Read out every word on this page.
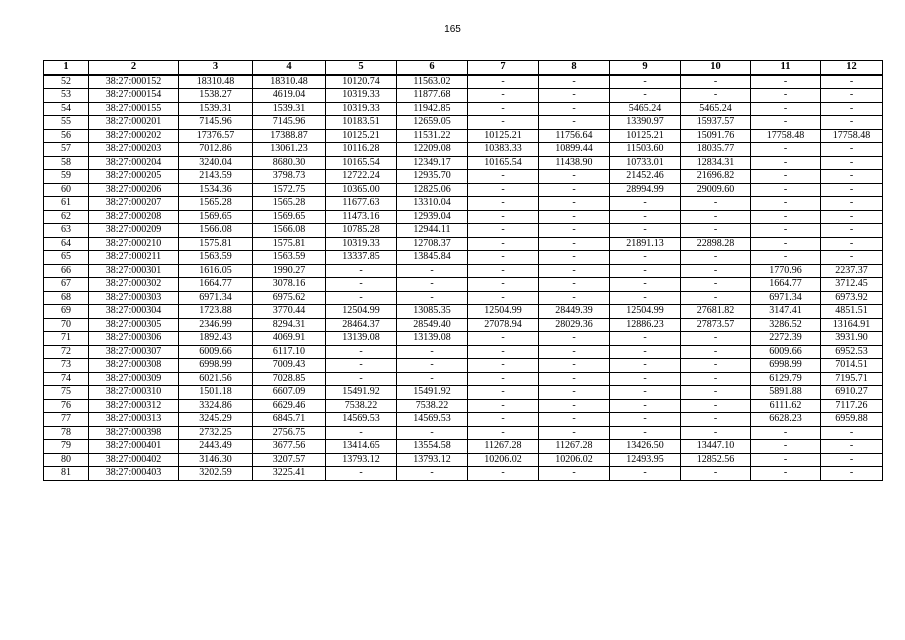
165
1	2	3	4	5	6	7	8	9	10	11	12
52	38:27:000152	18310.48	18310.48	10120.74	11563.02	-	-	-	-	-	-
53	38:27:000154	1538.27	4619.04	10319.33	11877.68	-	-	-	-	-	-
54	38:27:000155	1539.31	1539.31	10319.33	11942.85	-	-	5465.24	5465.24	-	-
55	38:27:000201	7145.96	7145.96	10183.51	12659.05	-	-	13390.97	15937.57	-	-
56	38:27:000202	17376.57	17388.87	10125.21	11531.22	10125.21	11756.64	10125.21	15091.76	17758.48	17758.48
57	38:27:000203	7012.86	13061.23	10116.28	12209.08	10383.33	10899.44	11503.60	18035.77	-	-
58	38:27:000204	3240.04	8680.30	10165.54	12349.17	10165.54	11438.90	10733.01	12834.31	-	-
59	38:27:000205	2143.59	3798.73	12722.24	12935.70	-	-	21452.46	21696.82	-	-
60	38:27:000206	1534.36	1572.75	10365.00	12825.06	-	-	28994.99	29009.60	-	-
61	38:27:000207	1565.28	1565.28	11677.63	13310.04	-	-	-	-	-	-
62	38:27:000208	1569.65	1569.65	11473.16	12939.04	-	-	-	-	-	-
63	38:27:000209	1566.08	1566.08	10785.28	12944.11	-	-	-	-	-	-
64	38:27:000210	1575.81	1575.81	10319.33	12708.37	-	-	21891.13	22898.28	-	-
65	38:27:000211	1563.59	1563.59	13337.85	13845.84	-	-	-	-	-	-
66	38:27:000301	1616.05	1990.27	-	-	-	-	-	-	1770.96	2237.37
67	38:27:000302	1664.77	3078.16	-	-	-	-	-	-	1664.77	3712.45
68	38:27:000303	6971.34	6975.62	-	-	-	-	-	-	6971.34	6973.92
69	38:27:000304	1723.88	3770.44	12504.99	13085.35	12504.99	28449.39	12504.99	27681.82	3147.41	4851.51
70	38:27:000305	2346.99	8294.31	28464.37	28549.40	27078.94	28029.36	12886.23	27873.57	3286.52	13164.91
71	38:27:000306	1892.43	4069.91	13139.08	13139.08	-	-	-	-	2272.39	3931.90
72	38:27:000307	6009.66	6117.10	-	-	-	-	-	-	6009.66	6952.53
73	38:27:000308	6998.99	7009.43	-	-	-	-	-	-	6998.99	7014.51
74	38:27:000309	6021.56	7028.85	-	-	-	-	-	-	6129.79	7195.71
75	38:27:000310	1501.18	6607.09	15491.92	15491.92	-	-	-	-	5891.88	6910.27
76	38:27:000312	3324.86	6629.46	7538.22	7538.22	-	-	-	-	6111.62	7117.26
77	38:27:000313	3245.29	6845.71	14569.53	14569.53	-	-	-	-	6628.23	6959.88
78	38:27:000398	2732.25	2756.75	-	-	-	-	-	-	-	-
79	38:27:000401	2443.49	3677.56	13414.65	13554.58	11267.28	11267.28	13426.50	13447.10	-	-
80	38:27:000402	3146.30	3207.57	13793.12	13793.12	10206.02	10206.02	12493.95	12852.56	-	-
81	38:27:000403	3202.59	3225.41	-	-	-	-	-	-	-	-
